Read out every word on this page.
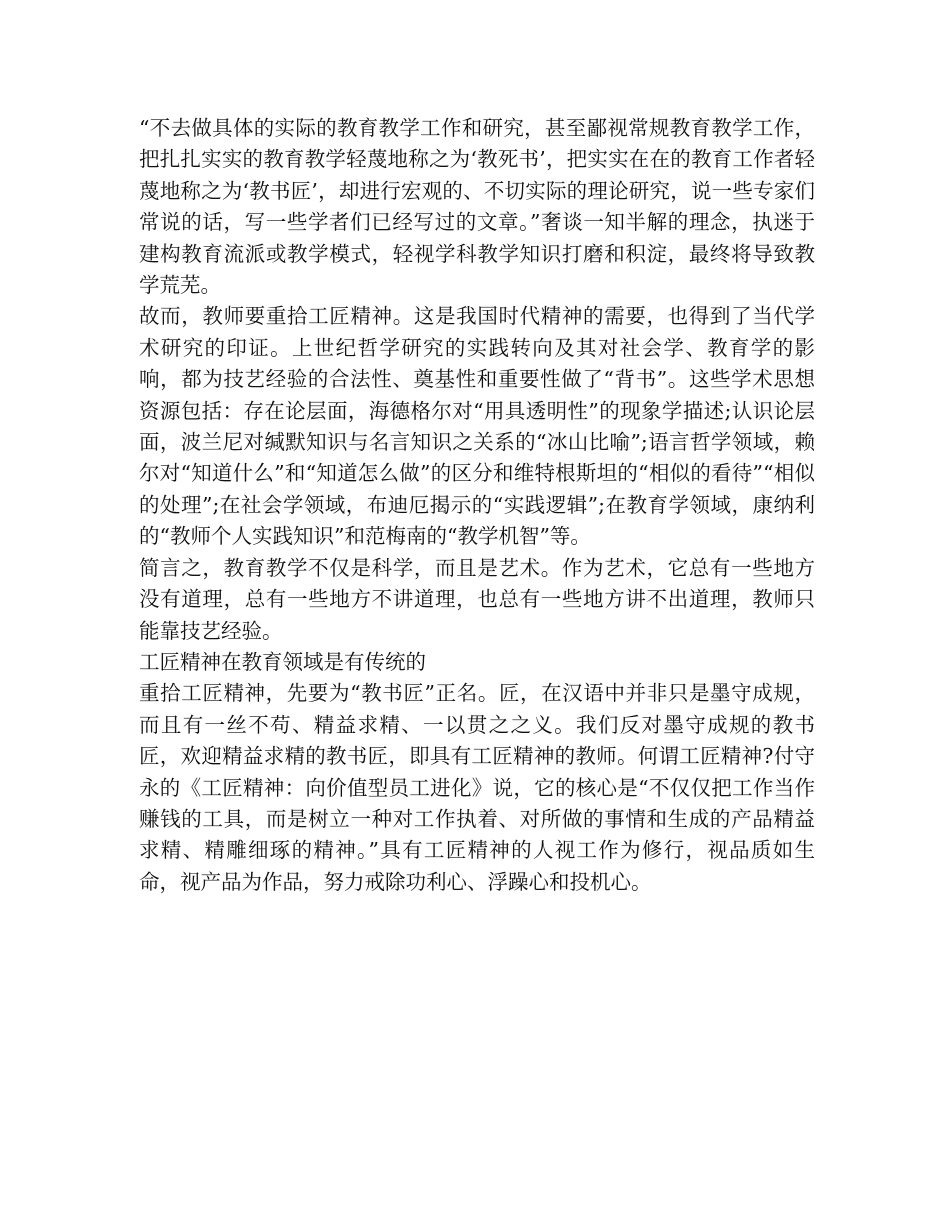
“不去做具体的实际的教育教学工作和研究，甚至鄙视常规教育教学工作，把扎扎实实的教育教学轻蔑地称之为‘教死书’，把实实在在的教育工作者轻蔑地称之为‘教书匠’，却进行宏观的、不切实际的理论研究，说一些专家们常说的话，写一些学者们已经写过的文章。”奢谈一知半解的理念，执迷于建构教育流派或教学模式，轻视学科教学知识打磨和积淀，最终将导致教学荒芜。

故而，教师要重拾工匠精神。这是我国时代精神的需要，也得到了当代学术研究的印证。上世纪哲学研究的实践转向及其对社会学、教育学的影响，都为技艺经验的合法性、奠基性和重要性做了“背书”。这些学术思想资源包括：存在论层面，海德格尔对“用具透明性”的现象学描述;认识论层面，波兰尼对缄默知识与名言知识之关系的“冰山比喻”;语言哲学领域，赖尔对“知道什么”和“知道怎么做”的区分和维特根斯坦的“相似的看待”“相似的处理”;在社会学领域，布迪厄揭示的“实践逻辑”;在教育学领域，康纳利的“教师个人实践知识”和范梅南的“教学机智”等。

简言之，教育教学不仅是科学，而且是艺术。作为艺术，它总有一些地方没有道理，总有一些地方不讲道理，也总有一些地方讲不出道理，教师只能靠技艺经验。

工匠精神在教育领域是有传统的

重拾工匠精神，先要为“教书匠”正名。匠，在汉语中并非只是墨守成规，而且有一丝不苟、精益求精、一以贯之之义。我们反对墨守成规的教书匠，欢迎精益求精的教书匠，即具有工匠精神的教师。何谓工匠精神?付守永的《工匠精神：向价值型员工进化》说，它的核心是“不仅仅把工作当作赚钱的工具，而是树立一种对工作执着、对所做的事情和生成的产品精益求精、精雕细琢的精神。”具有工匠精神的人视工作为修行，视品质如生命，视产品为作品，努力戒除功利心、浮躁心和投机心。
